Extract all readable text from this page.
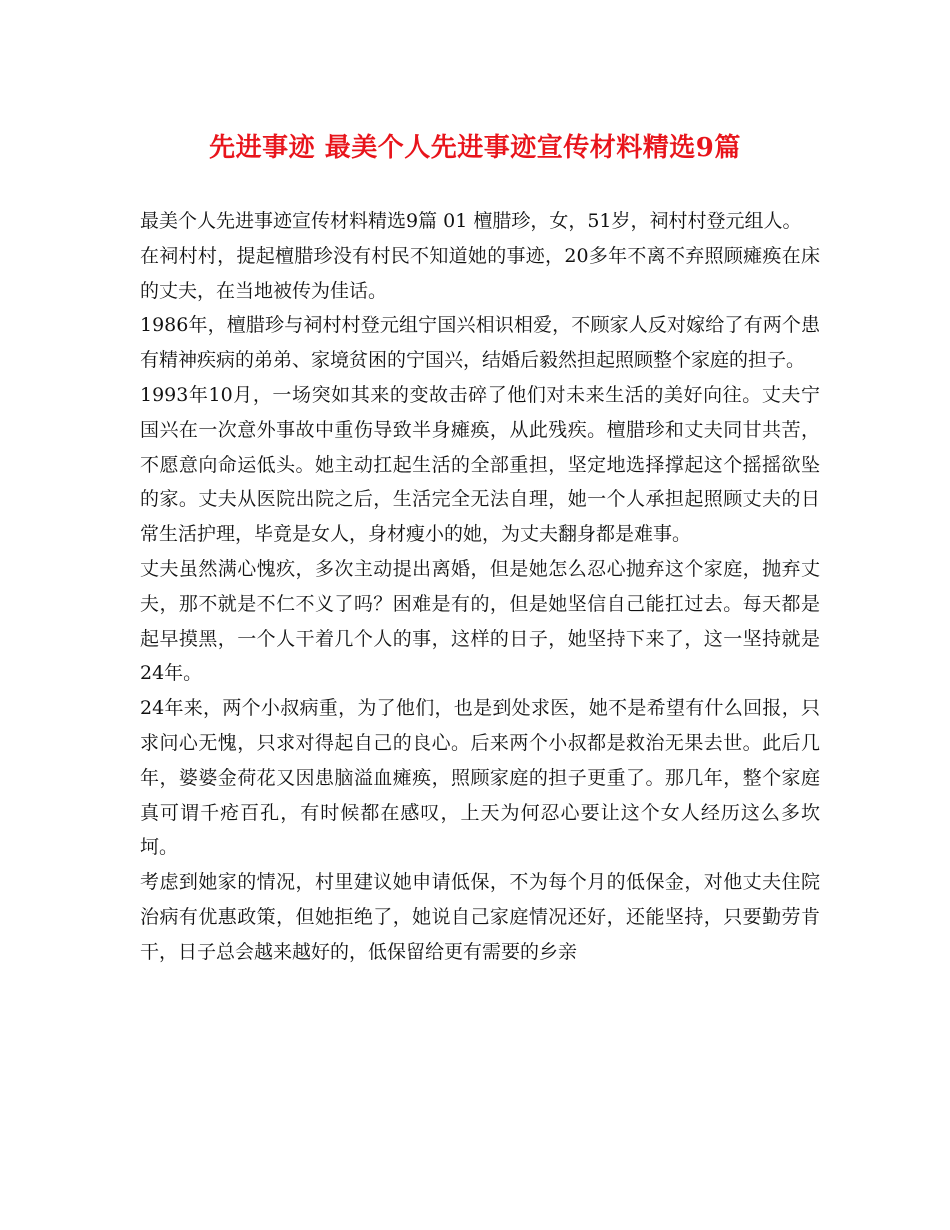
先进事迹 最美个人先进事迹宣传材料精选9篇

最美个人先进事迹宣传材料精选9篇 01 檀腊珍，女，51岁，祠村村登元组人。

在祠村村，提起檀腊珍没有村民不知道她的事迹，20多年不离不弃照顾瘫痪在床的丈夫，在当地被传为佳话。

1986年，檀腊珍与祠村村登元组宁国兴相识相爱，不顾家人反对嫁给了有两个患有精神疾病的弟弟、家境贫困的宁国兴，结婚后毅然担起照顾整个家庭的担子。

1993年10月，一场突如其来的变故击碎了他们对未来生活的美好向往。丈夫宁国兴在一次意外事故中重伤导致半身瘫痪，从此残疾。檀腊珍和丈夫同甘共苦，不愿意向命运低头。她主动扛起生活的全部重担，坚定地选择撑起这个摇摇欲坠的家。丈夫从医院出院之后，生活完全无法自理，她一个人承担起照顾丈夫的日常生活护理，毕竟是女人，身材瘦小的她，为丈夫翻身都是难事。

丈夫虽然满心愧疚，多次主动提出离婚，但是她怎么忍心抛弃这个家庭，抛弃丈夫，那不就是不仁不义了吗？困难是有的，但是她坚信自己能扛过去。每天都是起早摸黑，一个人干着几个人的事，这样的日子，她坚持下来了，这一坚持就是24年。

24年来，两个小叔病重，为了他们，也是到处求医，她不是希望有什么回报，只求问心无愧，只求对得起自己的良心。后来两个小叔都是救治无果去世。此后几年，婆婆金荷花又因患脑溢血瘫痪，照顾家庭的担子更重了。那几年，整个家庭真可谓千疮百孔，有时候都在感叹，上天为何忍心要让这个女人经历这么多坎坷。

考虑到她家的情况，村里建议她申请低保，不为每个月的低保金，对他丈夫住院治病有优惠政策，但她拒绝了，她说自己家庭情况还好，还能坚持，只要勤劳肯干，日子总会越来越好的，低保留给更有需要的乡亲
